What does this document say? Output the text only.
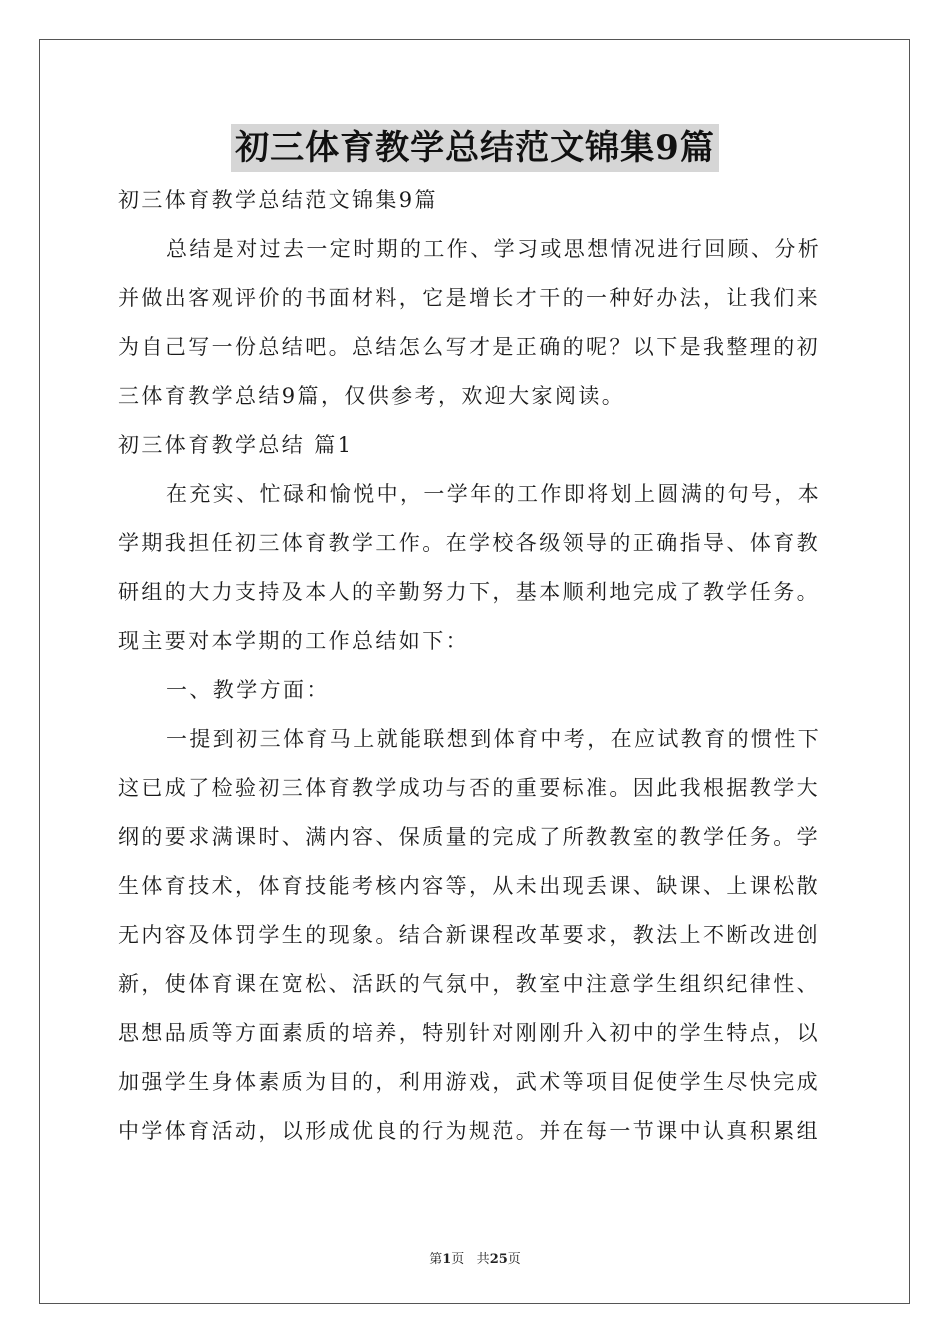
初三体育教学总结范文锦集9篇

初三体育教学总结范文锦集9篇

总结是对过去一定时期的工作、学习或思想情况进行回顾、分析并做出客观评价的书面材料，它是增长才干的一种好办法，让我们来为自己写一份总结吧。总结怎么写才是正确的呢？以下是我整理的初三体育教学总结9篇，仅供参考，欢迎大家阅读。

初三体育教学总结 篇1

在充实、忙碌和愉悦中，一学年的工作即将划上圆满的句号，本学期我担任初三体育教学工作。在学校各级领导的正确指导、体育教研组的大力支持及本人的辛勤努力下，基本顺利地完成了教学任务。现主要对本学期的工作总结如下：

一、教学方面：

一提到初三体育马上就能联想到体育中考，在应试教育的惯性下这已成了检验初三体育教学成功与否的重要标准。因此我根据教学大纲的要求满课时、满内容、保质量的完成了所教教室的教学任务。学生体育技术，体育技能考核内容等，从未出现丢课、缺课、上课松散无内容及体罚学生的现象。结合新课程改革要求，教法上不断改进创新，使体育课在宽松、活跃的气氛中，教室中注意学生组织纪律性、思想品质等方面素质的培养，特别针对刚刚升入初中的学生特点，以加强学生身体素质为目的，利用游戏，武术等项目促使学生尽快完成中学体育活动，以形成优良的行为规范。并在每一节课中认真积累组

第1页 共25页
